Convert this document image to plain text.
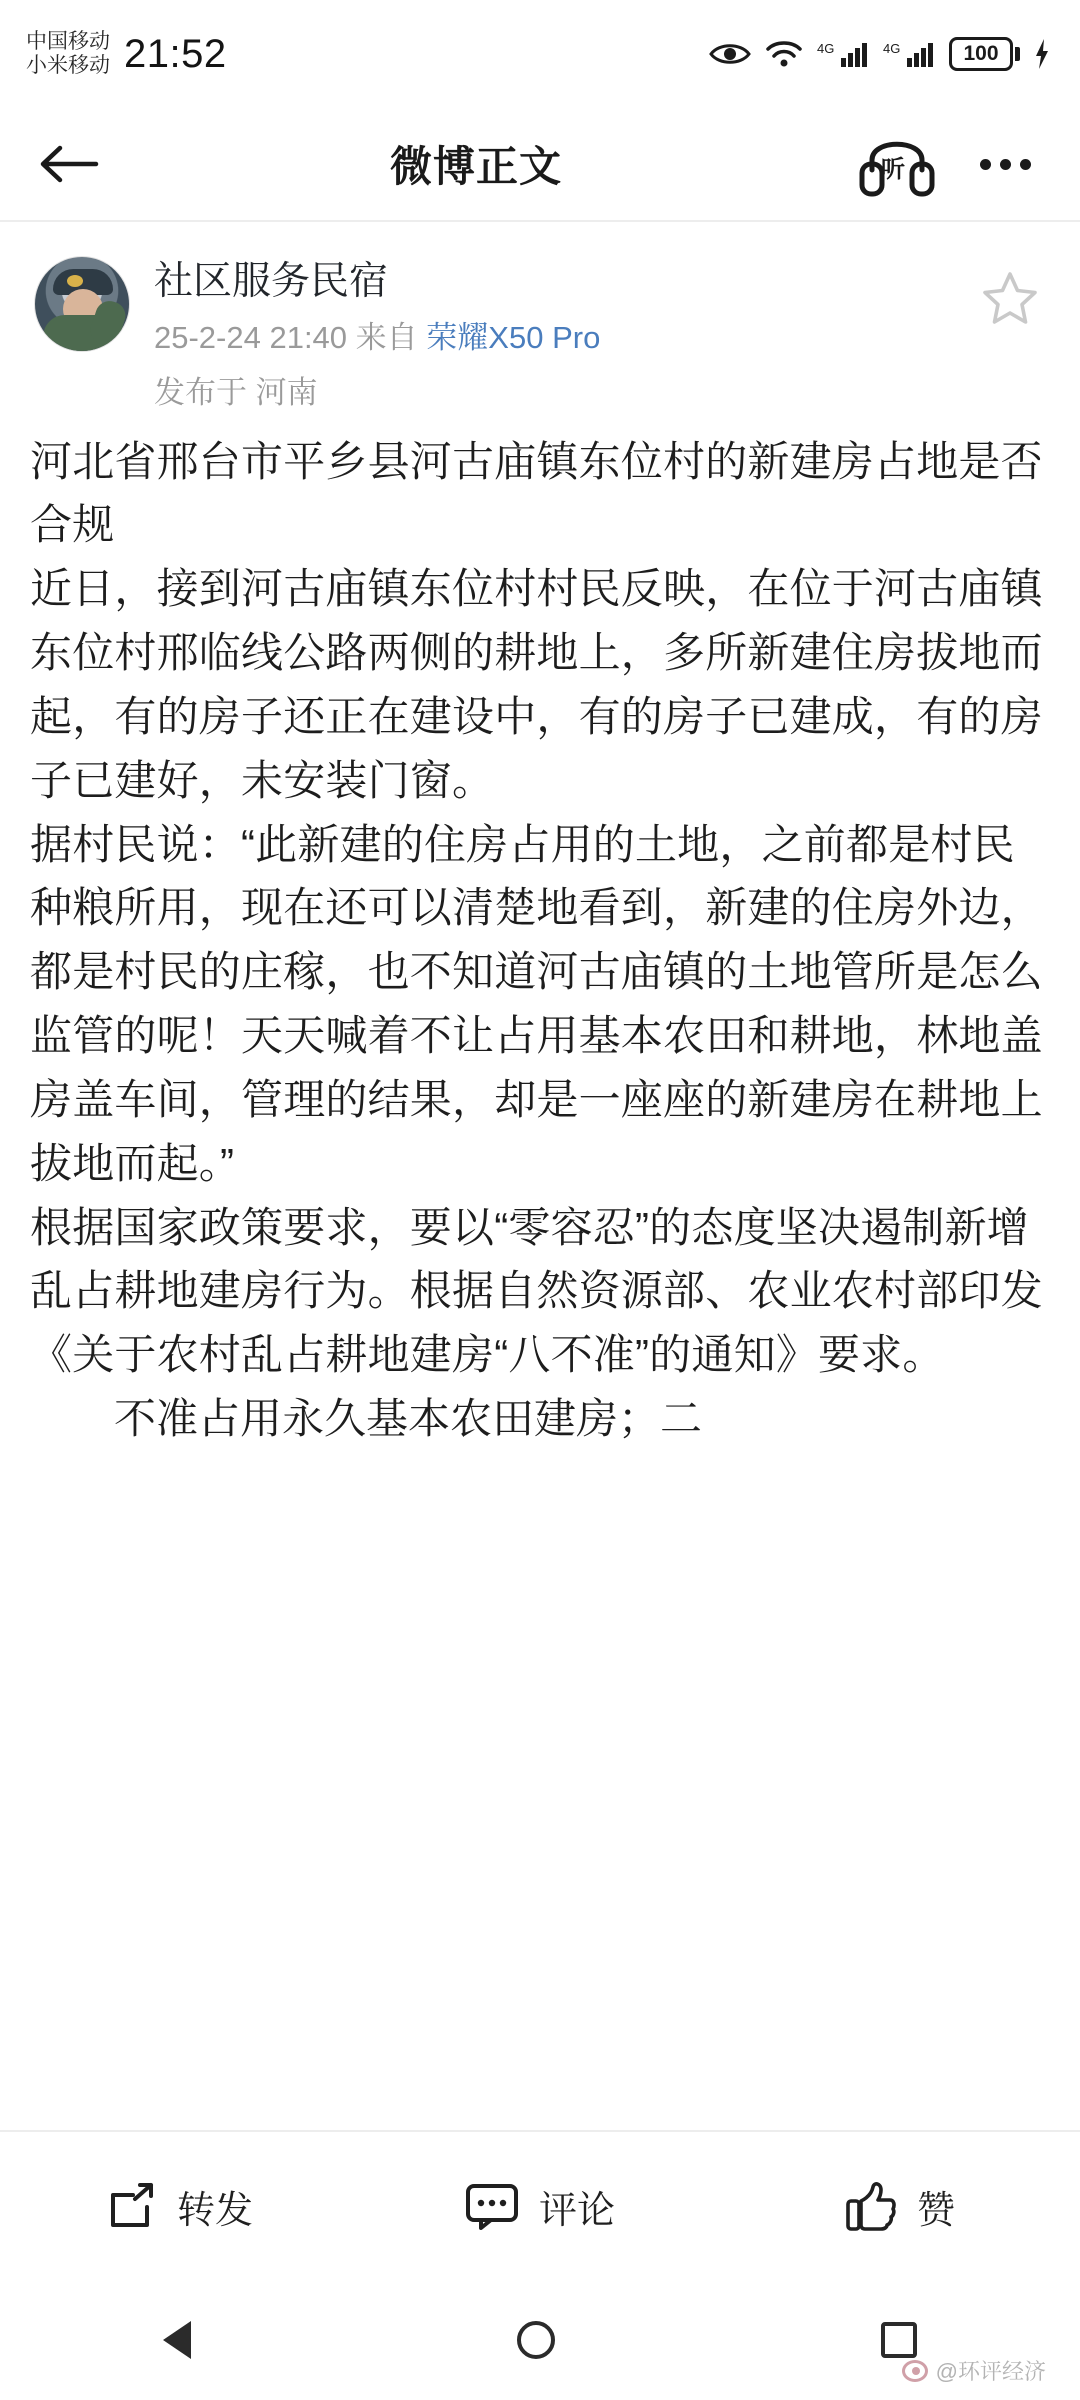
中国移动
小米移动 21:52	4G	4G	100
微博正文	听
社区服务民宿
25-2-24 21:40 来自 荣耀X50 Pro
发布于 河南

河北省邢台市平乡县河古庙镇东位村的新建房占地是否合规

近日，接到河古庙镇东位村村民反映，在位于河古庙镇东位村邢临线公路两侧的耕地上，多所新建住房拔地而起，有的房子还正在建设中，有的房子已建成，有的房子已建好，未安装门窗。

据村民说：“此新建的住房占用的土地，之前都是村民种粮所用，现在还可以清楚地看到，新建的住房外边，都是村民的庄稼，也不知道河古庙镇的土地管所是怎么监管的呢！天天喊着不让占用基本农田和耕地，林地盖房盖车间，管理的结果，却是一座座的新建房在耕地上拔地而起。”

根据国家政策要求，要以“零容忍”的态度坚决遏制新增乱占耕地建房行为。根据自然资源部、农业农村部印发《关于农村乱占耕地建房“八不准”的通知》要求。

不准占用永久基本农田建房；二
转发	评论	赞
@环评经济
